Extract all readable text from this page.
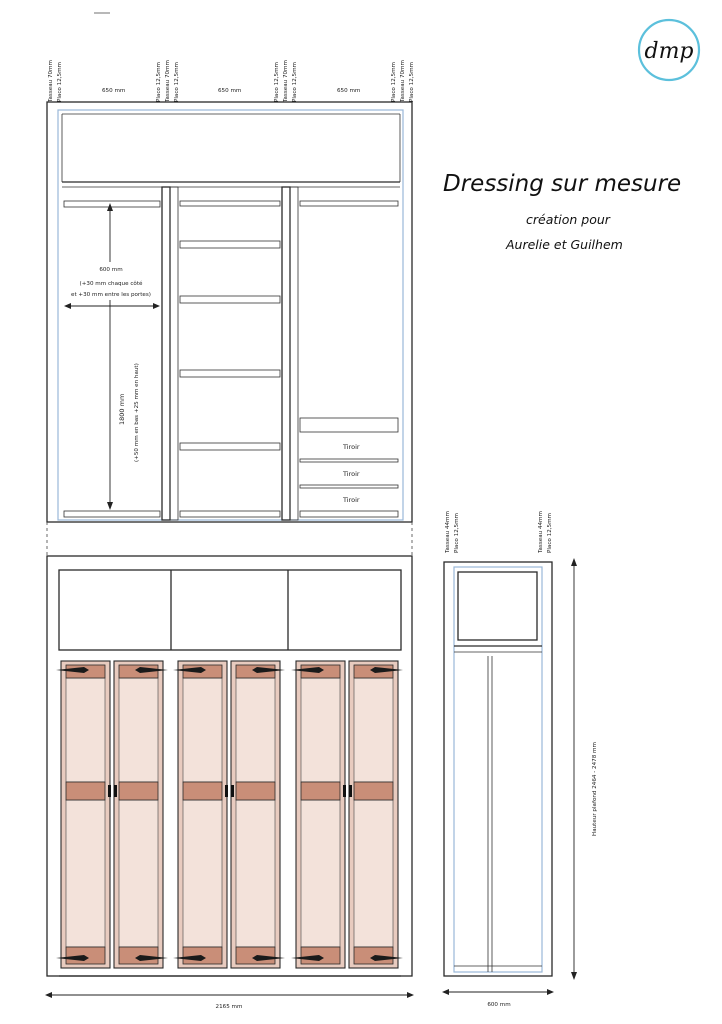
dmp
Dressing sur mesure
création pour
Aurelie et Guilhem
Tasseau 70mm Placo 12,5mm	Placo 12,5mm Tasseau 70mm Placo 12,5mm	Placo 12,5mm Tasseau 70mm Placo 12,5mm	Placo 12,5mm Tasseau 70mm Placo 12,5mm
650 mm	650 mm	650 mm
Tiroir
Tiroir
Tiroir
600 mm
(+30 mm chaque côté
et +30 mm entre les portes)
1800 mm (+50 mm en bas +25 mm en haut)
2165 mm
Tasseau 44mm Placo 12,5mm	Tasseau 44mm Placo 12,5mm
Hauteur plafond 2464 - 2478 mm
600 mm
